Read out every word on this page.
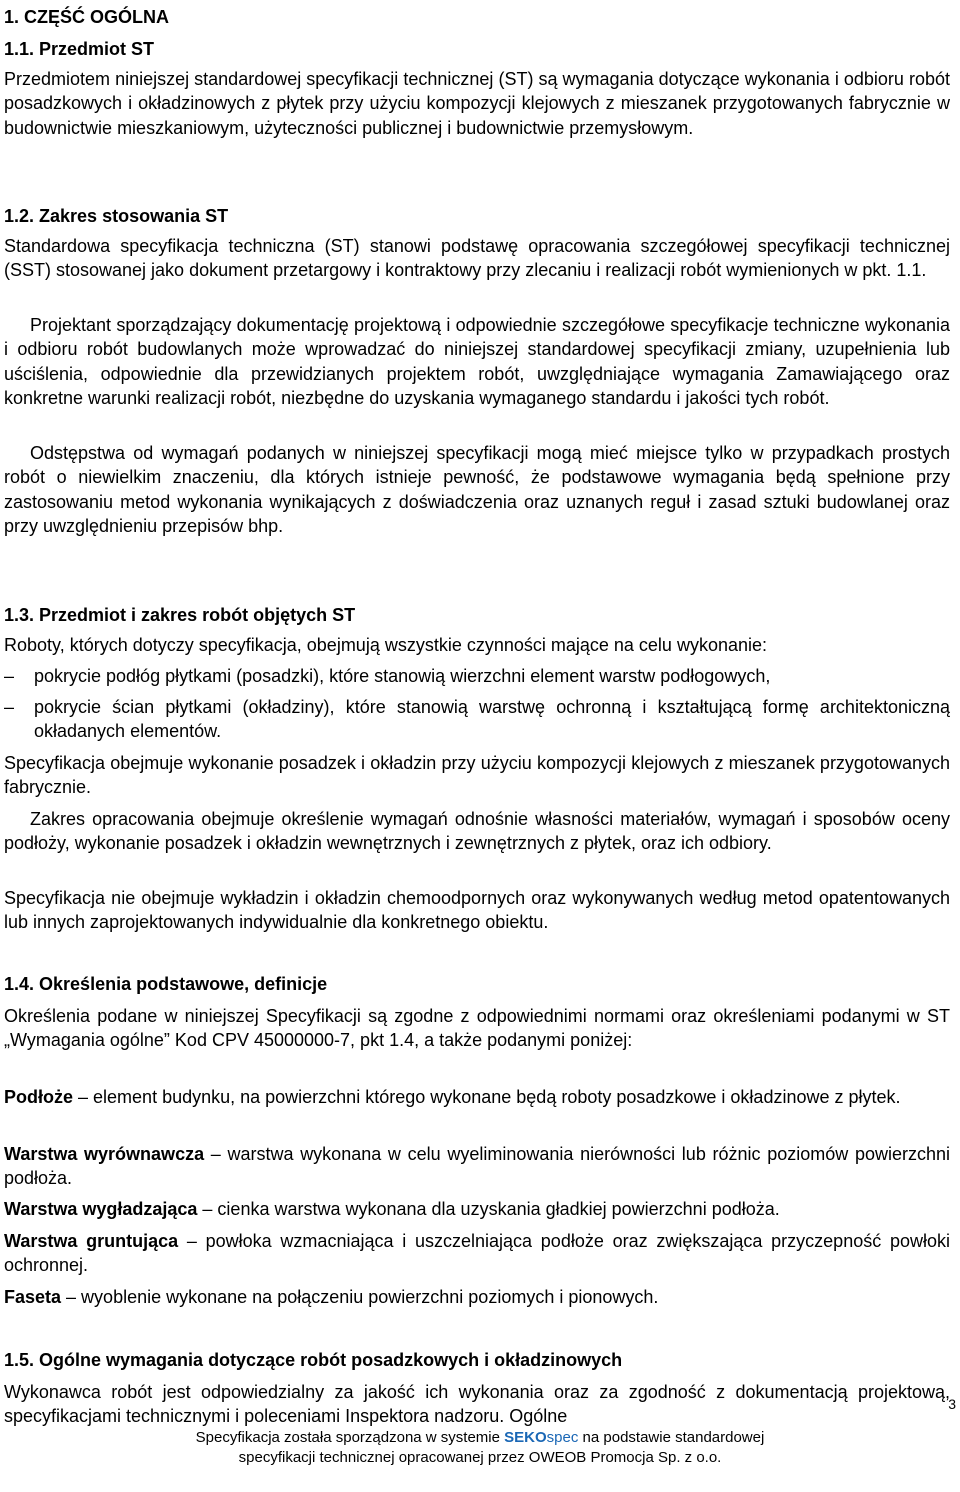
1. CZĘŚĆ OGÓLNA
1.1. Przedmiot ST
Przedmiotem niniejszej standardowej specyfikacji technicznej (ST) są wymagania dotyczące wykonania i odbioru robót posadzkowych i okładzinowych z płytek przy użyciu kompozycji klejowych z mieszanek przygotowanych fabrycznie w budownictwie mieszkaniowym, użyteczności publicznej i budownictwie przemysłowym.
1.2. Zakres stosowania ST
Standardowa specyfikacja techniczna (ST) stanowi podstawę opracowania szczegółowej specyfikacji technicznej (SST) stosowanej jako dokument przetargowy i kontraktowy przy zlecaniu i realizacji robót wymienionych w pkt. 1.1.
Projektant sporządzający dokumentację projektową i odpowiednie szczegółowe specyfikacje techniczne wykonania i odbioru robót budowlanych może wprowadzać do niniejszej standardowej specyfikacji zmiany, uzupełnienia lub uściślenia, odpowiednie dla przewidzianych projektem robót, uwzględniające wymagania Zamawiającego oraz konkretne warunki realizacji robót, niezbędne do uzyskania wymaganego standardu i jakości tych robót.
Odstępstwa od wymagań podanych w niniejszej specyfikacji mogą mieć miejsce tylko w przypadkach prostych robót o niewielkim znaczeniu, dla których istnieje pewność, że podstawowe wymagania będą spełnione przy zastosowaniu metod wykonania wynikających z doświadczenia oraz uznanych reguł i zasad sztuki budowlanej oraz przy uwzględnieniu przepisów bhp.
1.3. Przedmiot i zakres robót objętych ST
Roboty, których dotyczy specyfikacja, obejmują wszystkie czynności mające na celu wykonanie:
– pokrycie podłóg płytkami (posadzki), które stanowią wierzchni element warstw podłogowych,
– pokrycie ścian płytkami (okładziny), które stanowią warstwę ochronną i kształtującą formę architektoniczną okładanych elementów.
Specyfikacja obejmuje wykonanie posadzek i okładzin przy użyciu kompozycji klejowych z mieszanek przygotowanych fabrycznie.
Zakres opracowania obejmuje określenie wymagań odnośnie własności materiałów, wymagań i sposobów oceny podłoży, wykonanie posadzek i okładzin wewnętrznych i zewnętrznych z płytek, oraz ich odbiory.
Specyfikacja nie obejmuje wykładzin i okładzin chemoodpornych oraz wykonywanych według metod opatentowanych lub innych zaprojektowanych indywidualnie dla konkretnego obiektu.
1.4. Określenia podstawowe, definicje
Określenia podane w niniejszej Specyfikacji są zgodne z odpowiednimi normami oraz określeniami podanymi w ST „Wymagania ogólne” Kod CPV 45000000-7, pkt 1.4, a także podanymi poniżej:
Podłoże – element budynku, na powierzchni którego wykonane będą roboty posadzkowe i okładzinowe z płytek.
Warstwa wyrównawcza – warstwa wykonana w celu wyeliminowania nierówności lub różnic poziomów powierzchni podłoża.
Warstwa wygładzająca – cienka warstwa wykonana dla uzyskania gładkiej powierzchni podłoża.
Warstwa gruntująca – powłoka wzmacniająca i uszczelniająca podłoże oraz zwiększająca przyczepność powłoki ochronnej.
Faseta – wyoblenie wykonane na połączeniu powierzchni poziomych i pionowych.
1.5. Ogólne wymagania dotyczące robót posadzkowych i okładzinowych
Wykonawca robót jest odpowiedzialny za jakość ich wykonania oraz za zgodność z dokumentacją projektową, specyfikacjami technicznymi i poleceniami Inspektora nadzoru. Ogólne
3
Specyfikacja została sporządzona w systemie SEKOspec na podstawie standardowej
specyfikacji technicznej opracowanej przez OWEOB Promocja Sp. z o.o.
